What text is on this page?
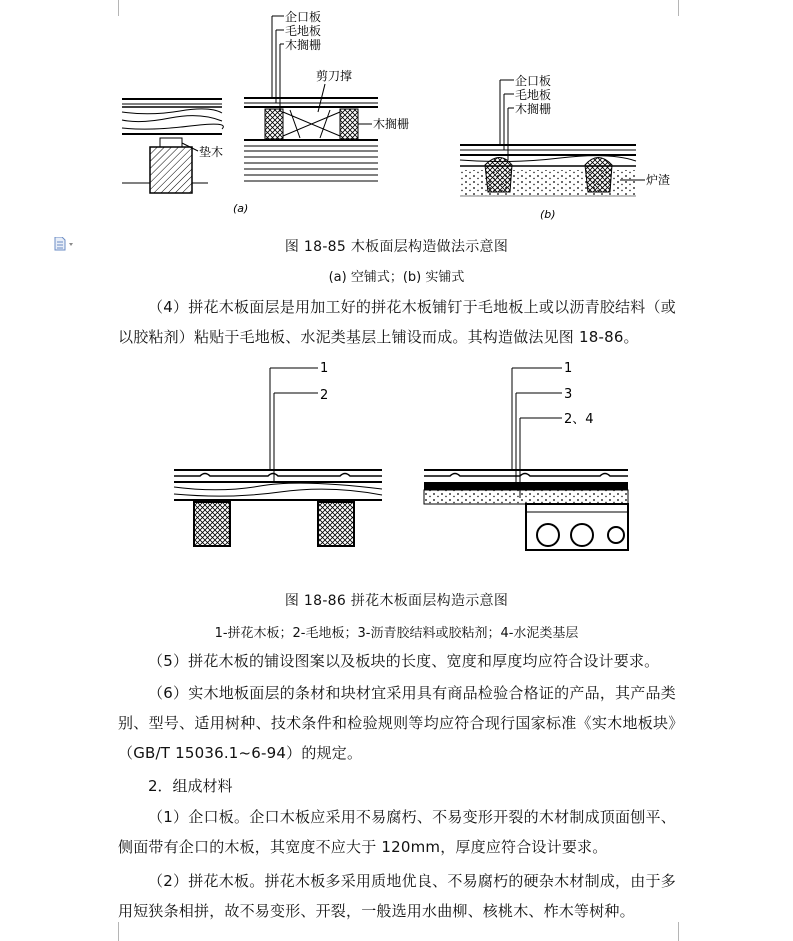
企口板
毛地板
木搁栅
剪刀撑
木搁栅
垫木
(a)
企口板
毛地板
木搁栅
炉渣
(b)
图 18-85 木板面层构造做法示意图
(a) 空铺式；(b) 实铺式
（4）拼花木板面层是用加工好的拼花木板铺钉于毛地板上或以沥青胶结料（或以胶粘剂）粘贴于毛地板、水泥类基层上铺设而成。其构造做法见图 18-86。
1
2
1
3
2、4
图 18-86 拼花木板面层构造示意图
1-拼花木板；2-毛地板；3-沥青胶结料或胶粘剂；4-水泥类基层
（5）拼花木板的铺设图案以及板块的长度、宽度和厚度均应符合设计要求。
（6）实木地板面层的条材和块材宜采用具有商品检验合格证的产品，其产品类别、型号、适用树种、技术条件和检验规则等均应符合现行国家标准《实木地板块》（GB/T 15036.1~6-94）的规定。
2．组成材料
（1）企口板。企口木板应采用不易腐朽、不易变形开裂的木材制成顶面刨平、侧面带有企口的木板，其宽度不应大于 120mm，厚度应符合设计要求。
（2）拼花木板。拼花木板多采用质地优良、不易腐朽的硬杂木材制成，由于多用短狭条相拼，故不易变形、开裂，一般选用水曲柳、核桃木、柞木等树种。
